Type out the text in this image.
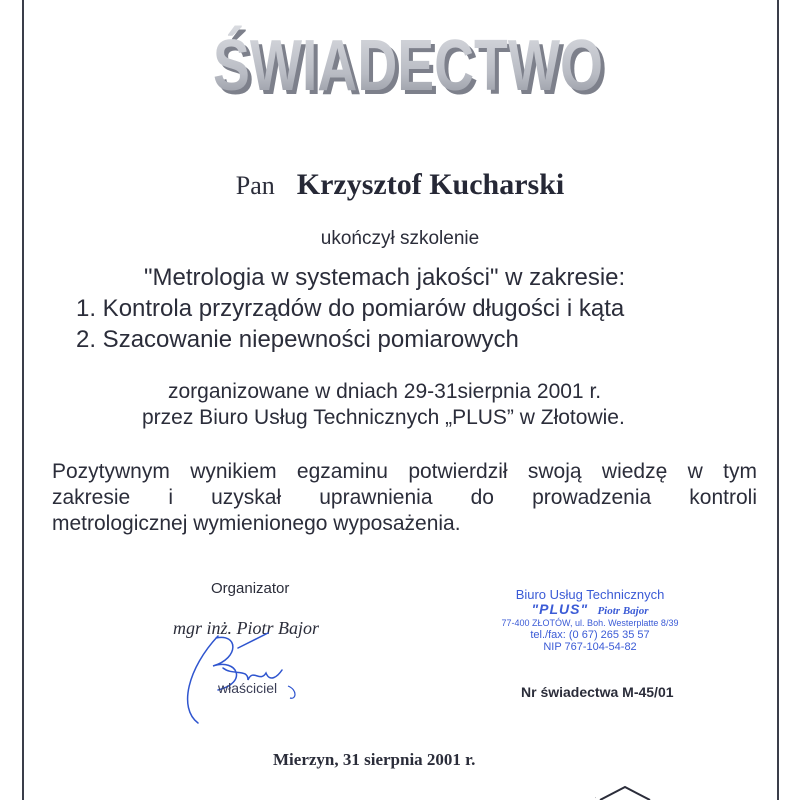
ŚWIADECT
ŚWIADECT
Pan Krzysztof Kucharski
ukończył szkolenie
"Metrologia w systemach jakości" w zakresie:
1. Kontrola przyrządów do pomiarów długości i kąta
2. Szacowanie niepewności pomiarowych
zorganizowane w dniach 29-31sierpnia 2001 r.
przez Biuro Usług Technicznych „PLUS” w Złotowie.
Pozytywnym wynikiem egzaminu potwierdził swoją wiedzę w tym
zakresie i uzyskał uprawnienia do prowadzenia kontroli
metrologicznej wymienionego wyposażenia.
Organizator
mgr inż. Piotr Bajor
właściciel
Biuro Usług Technicznych
"PLUS" Piotr Bajor
77-400 ZŁOTÓW, ul. Boh. Westerplatte 8/39
tel./fax: (0 67) 265 35 57
NIP 767-104-54-82
Nr świadectwa M-45/01
Mierzyn, 31 sierpnia 2001 r.
